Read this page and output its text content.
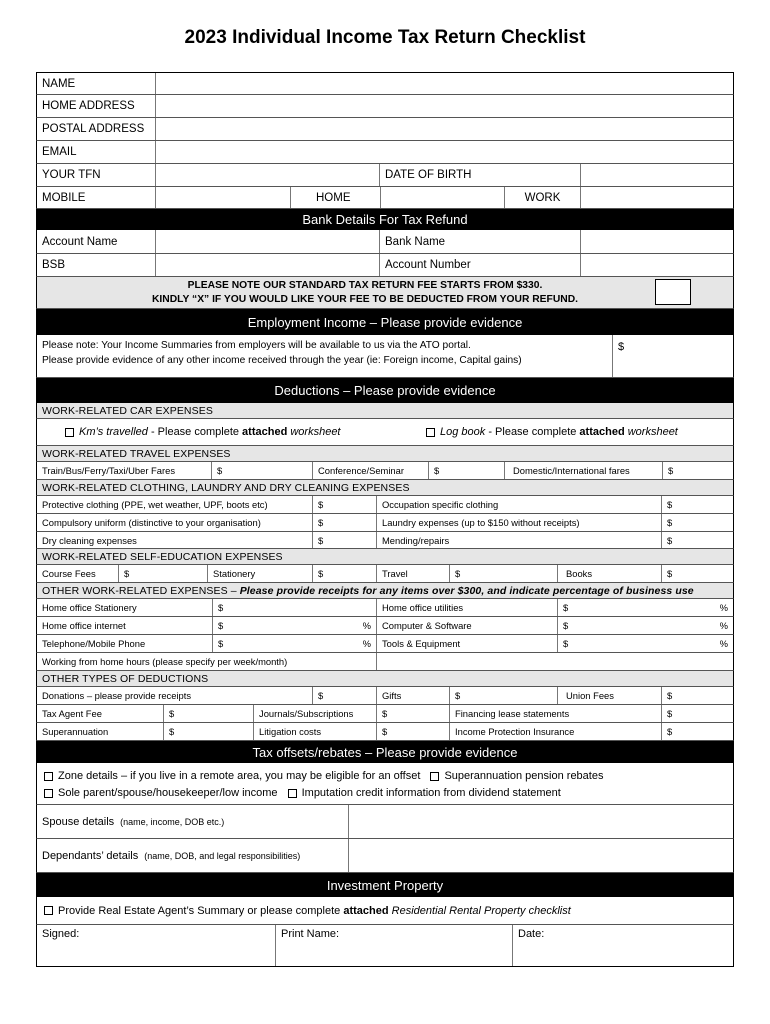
2023 Individual Income Tax Return Checklist
NAME
HOME ADDRESS
POSTAL ADDRESS
EMAIL
YOUR TFN	DATE OF BIRTH
MOBILE	HOME	WORK
Bank Details For Tax Refund
Account Name	Bank Name
BSB	Account Number
PLEASE NOTE OUR STANDARD TAX RETURN FEE STARTS FROM $330.
KINDLY “X” IF YOU WOULD LIKE YOUR FEE TO BE DEDUCTED FROM YOUR REFUND.
Employment Income – Please provide evidence
Please note: Your Income Summaries from employers will be available to us via the ATO portal.
Please provide evidence of any other income received through the year (ie: Foreign income, Capital gains)
$
Deductions – Please provide evidence
WORK-RELATED CAR EXPENSES
Km’s travelled - Please complete attached worksheet	Log book - Please complete attached worksheet
WORK-RELATED TRAVEL EXPENSES
Train/Bus/Ferry/Taxi/Uber Fares	$	Conference/Seminar	$	Domestic/International fares	$
WORK-RELATED CLOTHING, LAUNDRY AND DRY CLEANING EXPENSES
Protective clothing (PPE, wet weather, UPF, boots etc)	$	Occupation specific clothing	$
Compulsory uniform (distinctive to your organisation)	$	Laundry expenses (up to $150 without receipts)	$
Dry cleaning expenses	$	Mending/repairs	$
WORK-RELATED SELF-EDUCATION EXPENSES
Course Fees	$	Stationery	$	Travel	$	Books	$
OTHER WORK-RELATED EXPENSES – Please provide receipts for any items over $300, and indicate percentage of business use
Home office Stationery	$	Home office utilities	$	%
Home office internet	$	%	Computer & Software	$	%
Telephone/Mobile Phone	$	%	Tools & Equipment	$	%
Working from home hours (please specify per week/month)
OTHER TYPES OF DEDUCTIONS
Donations – please provide receipts	$	Gifts	$	Union Fees	$
Tax Agent Fee	$	Journals/Subscriptions	$	Financing lease statements	$
Superannuation	$	Litigation costs	$	Income Protection Insurance	$
Tax offsets/rebates – Please provide evidence
Zone details – if you live in a remote area, you may be eligible for an offset Superannuation pension rebates
Sole parent/spouse/housekeeper/low income Imputation credit information from dividend statement
Spouse details (name, income, DOB etc.)
Dependants’ details (name, DOB, and legal responsibilities)
Investment Property
Provide Real Estate Agent’s Summary or please complete attached
Residential Rental Property checklist
Signed:	Print Name:	Date:
